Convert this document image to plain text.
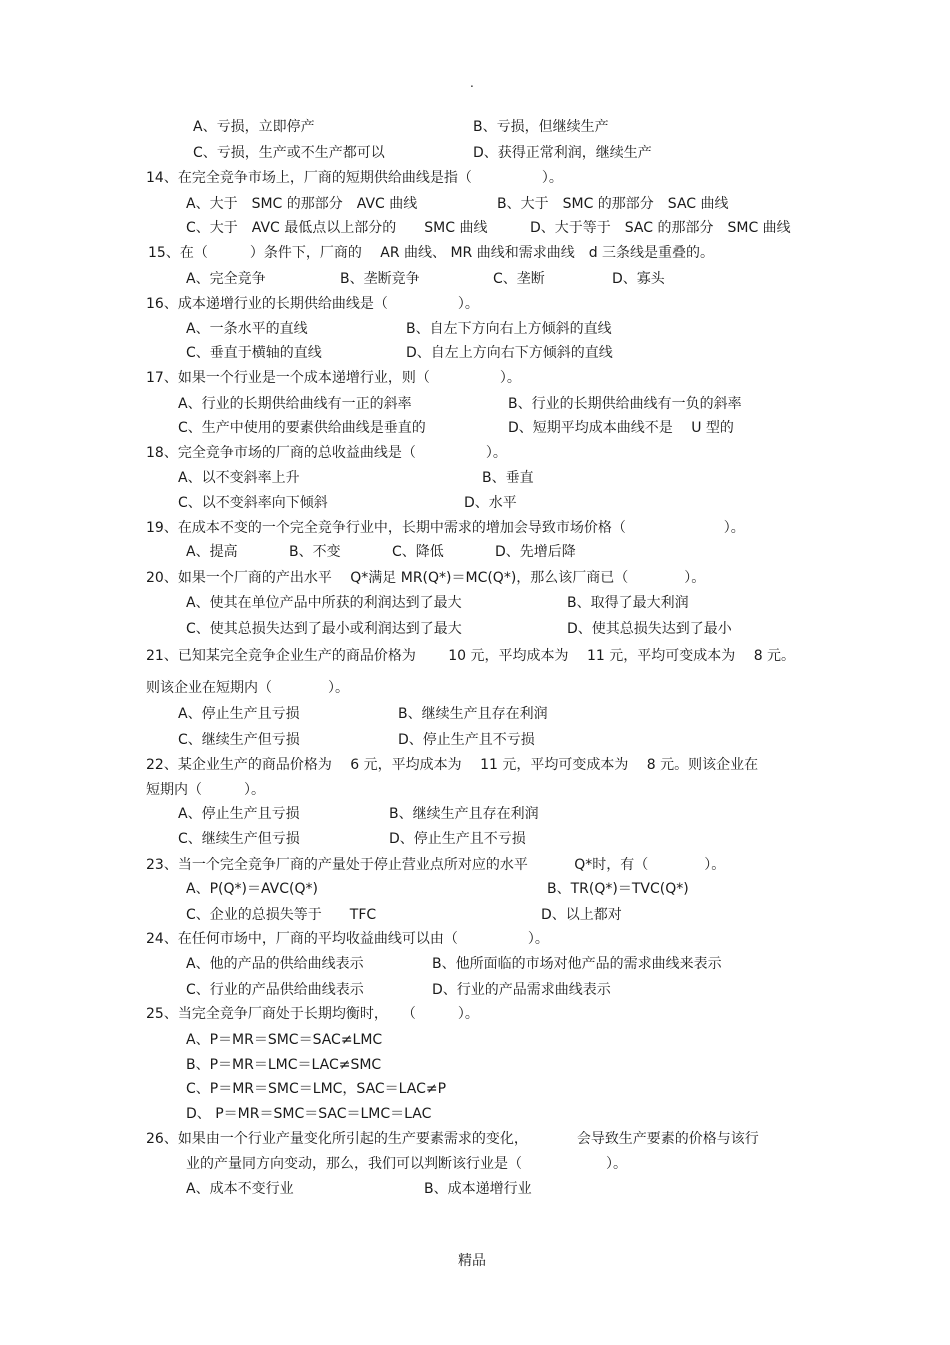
.
A、亏损，立即停产	B、亏损，但继续生产
C、亏损，生产或不生产都可以	D、获得正常利润，继续生产
14、在完全竞争市场上，厂商的短期供给曲线是指（　　　　　）。
A、大于　SMC 的那部分　AVC 曲线	B、大于　SMC 的那部分　SAC 曲线
C、大于　AVC 最低点以上部分的　　SMC 曲线	D、大于等于　SAC 的那部分　SMC 曲线
15、在（　　　）条件下，厂商的　 AR 曲线、 MR 曲线和需求曲线　d 三条线是重叠的。
A、完全竞争	B、垄断竞争	C、垄断	D、寡头
16、成本递增行业的长期供给曲线是（　　　　　）。
A、一条水平的直线	B、自左下方向右上方倾斜的直线
C、垂直于横轴的直线	D、自左上方向右下方倾斜的直线
17、如果一个行业是一个成本递增行业，则（　　　　　）。
A、行业的长期供给曲线有一正的斜率	B、行业的长期供给曲线有一负的斜率
C、生产中使用的要素供给曲线是垂直的	D、短期平均成本曲线不是　 U 型的
18、完全竞争市场的厂商的总收益曲线是（　　　　　）。
A、以不变斜率上升	B、垂直
C、以不变斜率向下倾斜	D、水平
19、在成本不变的一个完全竞争行业中，长期中需求的增加会导致市场价格（　　　　　　　）。
A、提高	B、不变	C、降低	D、先增后降
20、如果一个厂商的产出水平　 Q*满足 MR(Q*)＝MC(Q*)，那么该厂商已（　　　　）。
A、使其在单位产品中所获的利润达到了最大	B、取得了最大利润
C、使其总损失达到了最小或利润达到了最大	D、使其总损失达到了最小
21、已知某完全竞争企业生产的商品价格为　　 10 元，平均成本为　 11 元，平均可变成本为　 8 元。
则该企业在短期内（　　　　）。
A、停止生产且亏损	B、继续生产且存在利润
C、继续生产但亏损	D、停止生产且不亏损
22、某企业生产的商品价格为　 6 元，平均成本为　 11 元，平均可变成本为　 8 元。则该企业在
短期内（　　　）。
A、停止生产且亏损	B、继续生产且存在利润
C、继续生产但亏损	D、停止生产且不亏损
23、当一个完全竞争厂商的产量处于停止营业点所对应的水平　　　 Q*时，有（　　　　）。
A、P(Q*)＝AVC(Q*)	B、TR(Q*)＝TVC(Q*)
C、企业的总损失等于　　TFC	D、以上都对
24、在任何市场中，厂商的平均收益曲线可以由（　　　　　）。
A、他的产品的供给曲线表示	B、他所面临的市场对他产品的需求曲线来表示
C、行业的产品供给曲线表示	D、行业的产品需求曲线表示
25、当完全竞争厂商处于长期均衡时，　　（　　　）。
A、P＝MR＝SMC＝SAC≠LMC
B、P＝MR＝LMC＝LAC≠SMC
C、P＝MR＝SMC＝LMC，SAC＝LAC≠P
D、 P＝MR＝SMC＝SAC＝LMC＝LAC
26、如果由一个行业产量变化所引起的生产要素需求的变化，　　　　会导致生产要素的价格与该行
业的产量同方向变动，那么，我们可以判断该行业是（　　　　　　）。
A、成本不变行业	B、成本递增行业
精品
